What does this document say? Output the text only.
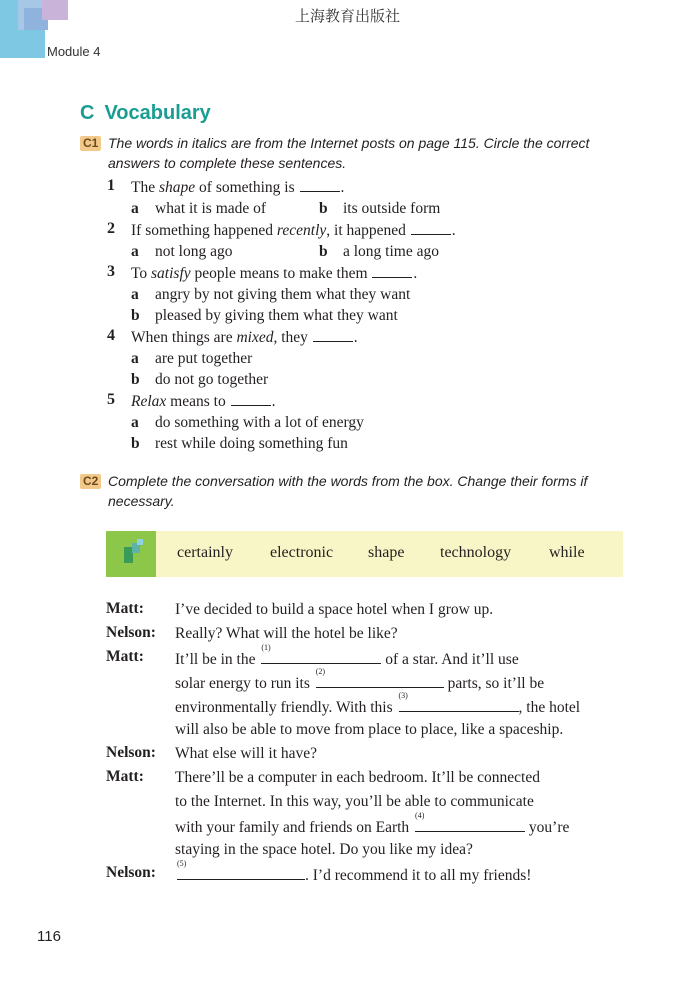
上海教育出版社
Module 4
C Vocabulary
C1 The words in italics are from the Internet posts on page 115. Circle the correct
answers to complete these sentences.
1 The shape of something is	.
a what it is made of	b its outside form
2 If something happened recently, it happened	.
a not long ago	b a long time ago
3 To satisfy people means to make them	.
a angry by not giving them what they want
b pleased by giving them what they want
4 When things are mixed, they	.
a are put together
b do not go together
5 Relax means to	.
a do something with a lot of energy
b rest while doing something fun
C2 Complete the conversation with the words from the box. Change their forms if
necessary.
certainly electronic shape technology while
Matt: I’ve decided to build a space hotel when I grow up.
Nelson: Really? What will the hotel be like?
Matt: It’ll be in the
(1)
of a star. And it’ll use
solar energy to run its
(2)
parts, so it’ll be
environmentally friendly. With this
(3)
, the hotel
will also be able to move from place to place, like a spaceship.
Nelson: What else will it have?
Matt: There’ll be a computer in each bedroom. It’ll be connected
to the Internet. In this way, you’ll be able to communicate
with your family and friends on Earth
(4)
you’re
staying in the space hotel. Do you like my idea?
Nelson:
(5)
. I’d recommend it to all my friends!
116
